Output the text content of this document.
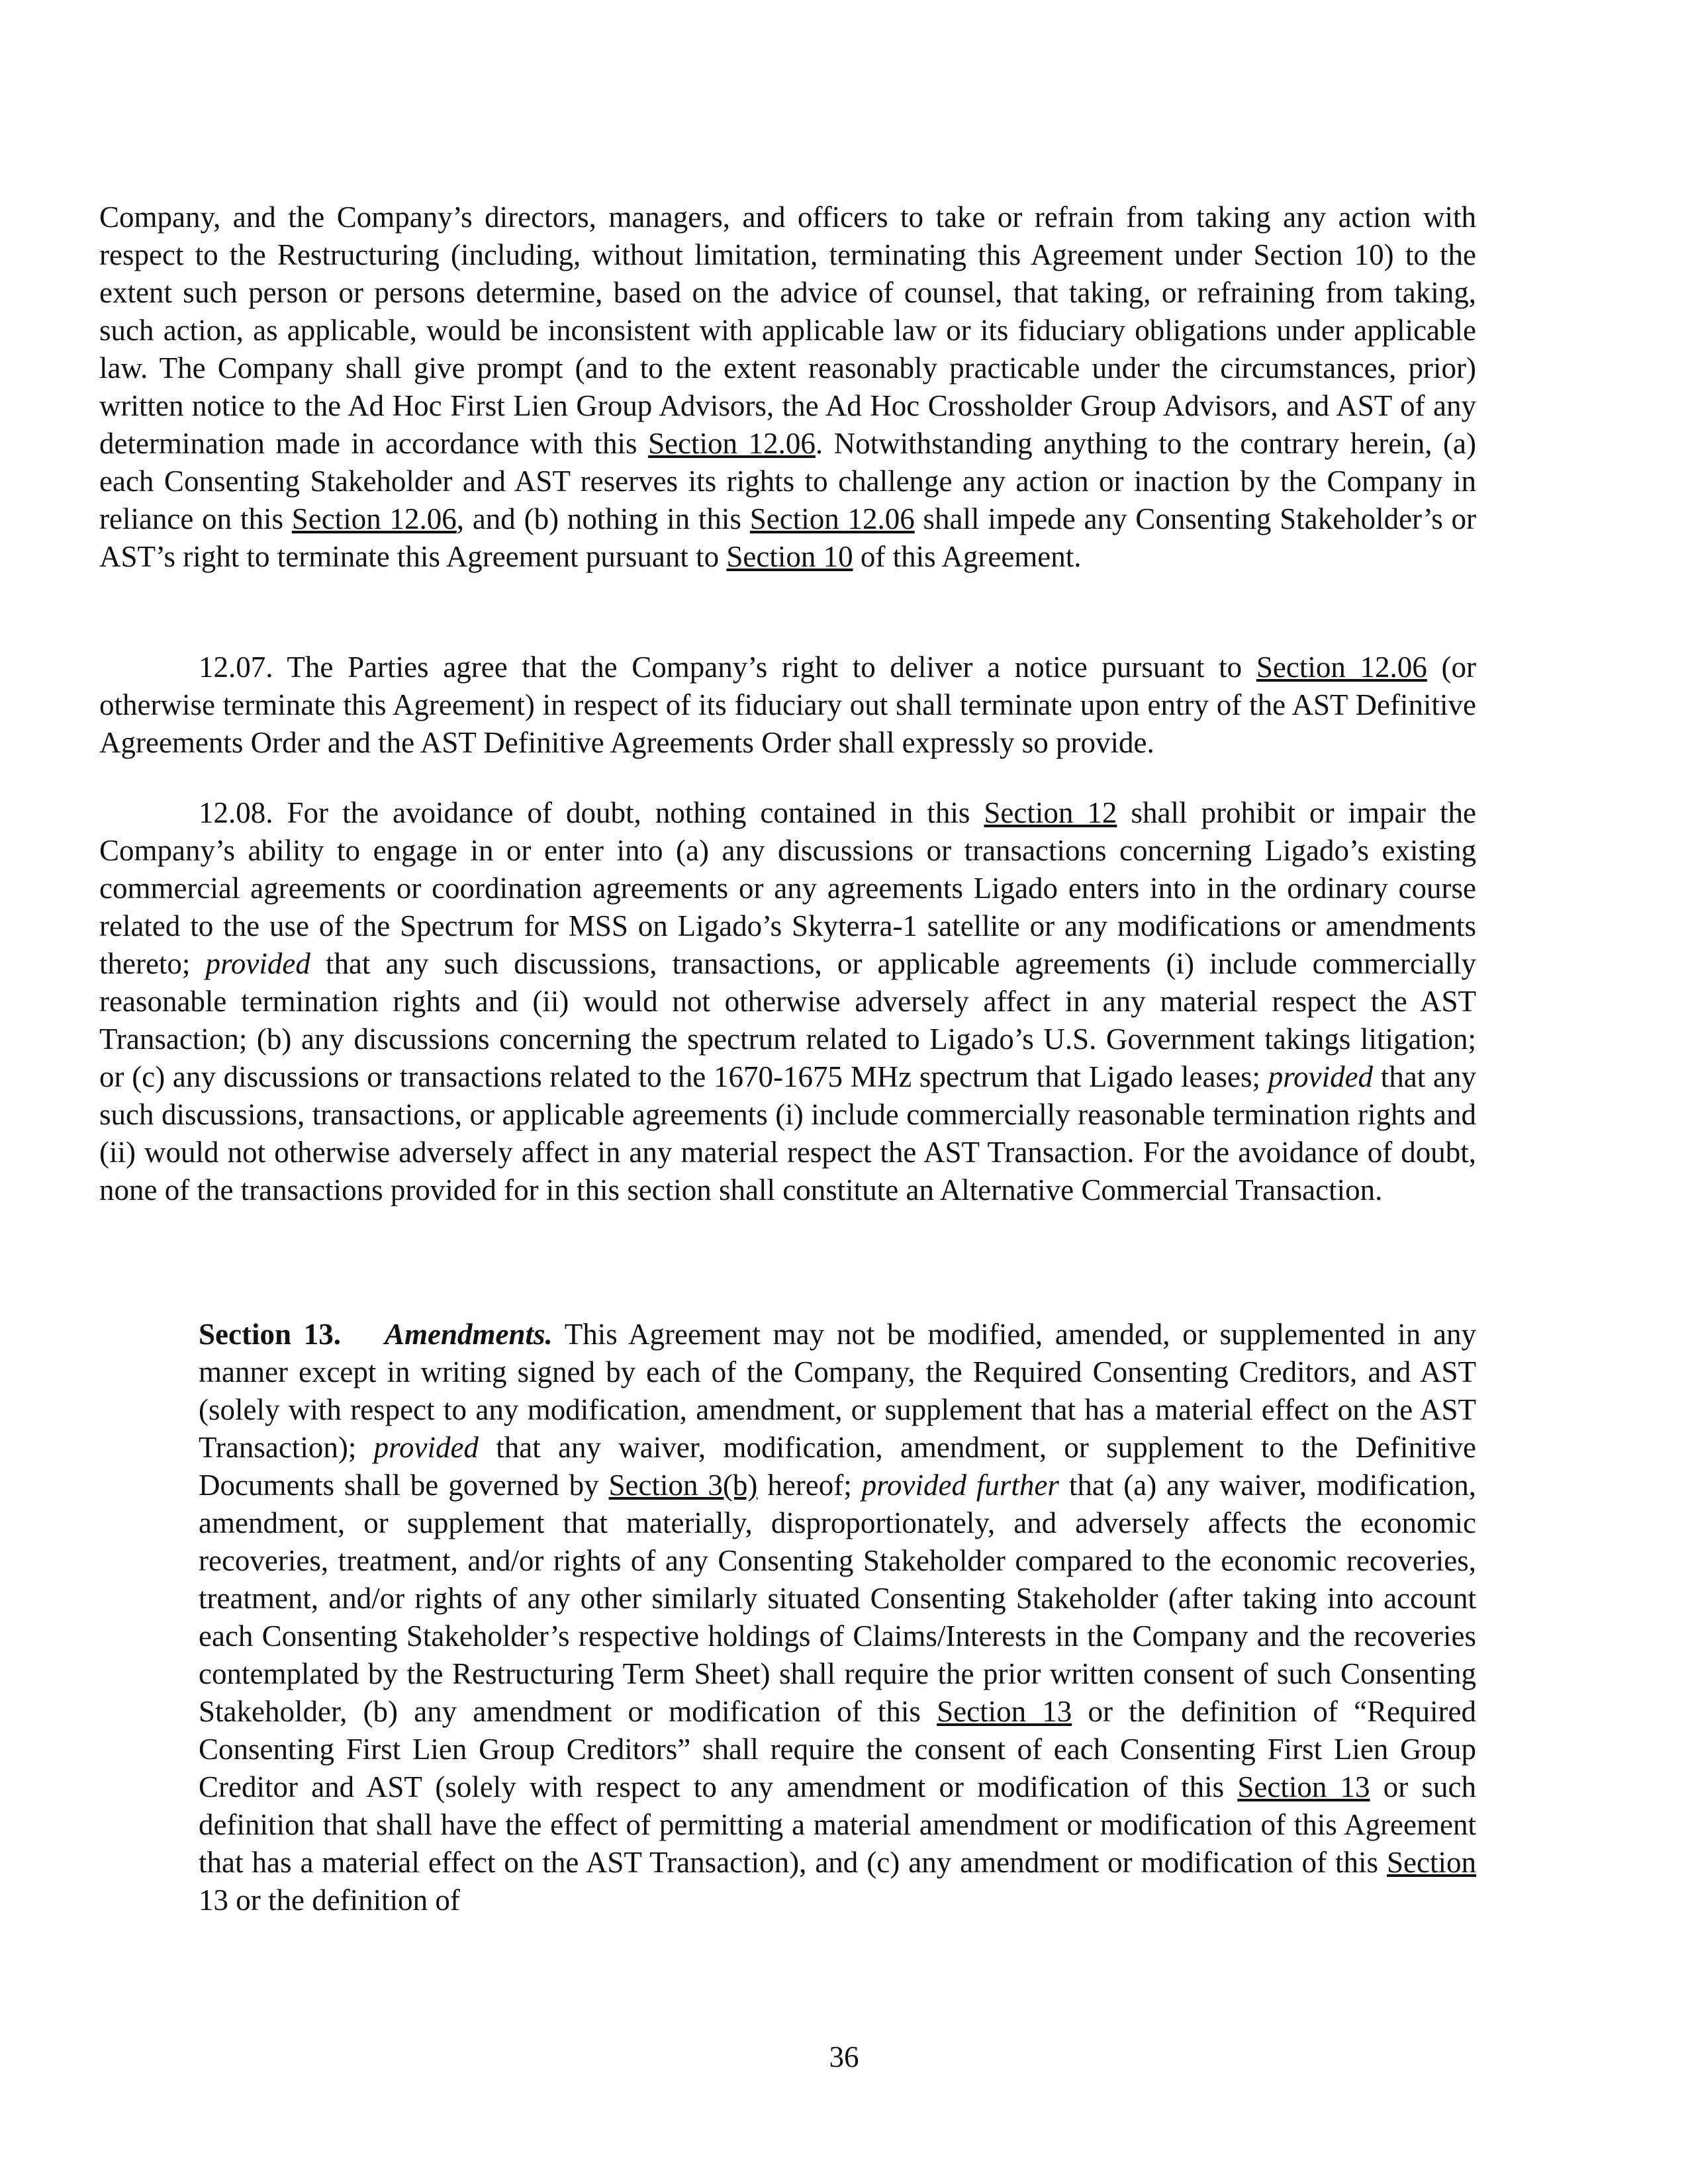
Company, and the Company’s directors, managers, and officers to take or refrain from taking any action with respect to the Restructuring (including, without limitation, terminating this Agreement under Section 10) to the extent such person or persons determine, based on the advice of counsel, that taking, or refraining from taking, such action, as applicable, would be inconsistent with applicable law or its fiduciary obligations under applicable law. The Company shall give prompt (and to the extent reasonably practicable under the circumstances, prior) written notice to the Ad Hoc First Lien Group Advisors, the Ad Hoc Crossholder Group Advisors, and AST of any determination made in accordance with this Section 12.06. Notwithstanding anything to the contrary herein, (a) each Consenting Stakeholder and AST reserves its rights to challenge any action or inaction by the Company in reliance on this Section 12.06, and (b) nothing in this Section 12.06 shall impede any Consenting Stakeholder’s or AST’s right to terminate this Agreement pursuant to Section 10 of this Agreement.
12.07. The Parties agree that the Company’s right to deliver a notice pursuant to Section 12.06 (or otherwise terminate this Agreement) in respect of its fiduciary out shall terminate upon entry of the AST Definitive Agreements Order and the AST Definitive Agreements Order shall expressly so provide.
12.08. For the avoidance of doubt, nothing contained in this Section 12 shall prohibit or impair the Company’s ability to engage in or enter into (a) any discussions or transactions concerning Ligado’s existing commercial agreements or coordination agreements or any agreements Ligado enters into in the ordinary course related to the use of the Spectrum for MSS on Ligado’s Skyterra-1 satellite or any modifications or amendments thereto; provided that any such discussions, transactions, or applicable agreements (i) include commercially reasonable termination rights and (ii) would not otherwise adversely affect in any material respect the AST Transaction; (b) any discussions concerning the spectrum related to Ligado’s U.S. Government takings litigation; or (c) any discussions or transactions related to the 1670-1675 MHz spectrum that Ligado leases; provided that any such discussions, transactions, or applicable agreements (i) include commercially reasonable termination rights and (ii) would not otherwise adversely affect in any material respect the AST Transaction. For the avoidance of doubt, none of the transactions provided for in this section shall constitute an Alternative Commercial Transaction.
Section 13. Amendments. This Agreement may not be modified, amended, or supplemented in any manner except in writing signed by each of the Company, the Required Consenting Creditors, and AST (solely with respect to any modification, amendment, or supplement that has a material effect on the AST Transaction); provided that any waiver, modification, amendment, or supplement to the Definitive Documents shall be governed by Section 3(b) hereof; provided further that (a) any waiver, modification, amendment, or supplement that materially, disproportionately, and adversely affects the economic recoveries, treatment, and/or rights of any Consenting Stakeholder compared to the economic recoveries, treatment, and/or rights of any other similarly situated Consenting Stakeholder (after taking into account each Consenting Stakeholder’s respective holdings of Claims/Interests in the Company and the recoveries contemplated by the Restructuring Term Sheet) shall require the prior written consent of such Consenting Stakeholder, (b) any amendment or modification of this Section 13 or the definition of “Required Consenting First Lien Group Creditors” shall require the consent of each Consenting First Lien Group Creditor and AST (solely with respect to any amendment or modification of this Section 13 or such definition that shall have the effect of permitting a material amendment or modification of this Agreement that has a material effect on the AST Transaction), and (c) any amendment or modification of this Section 13 or the definition of
36
